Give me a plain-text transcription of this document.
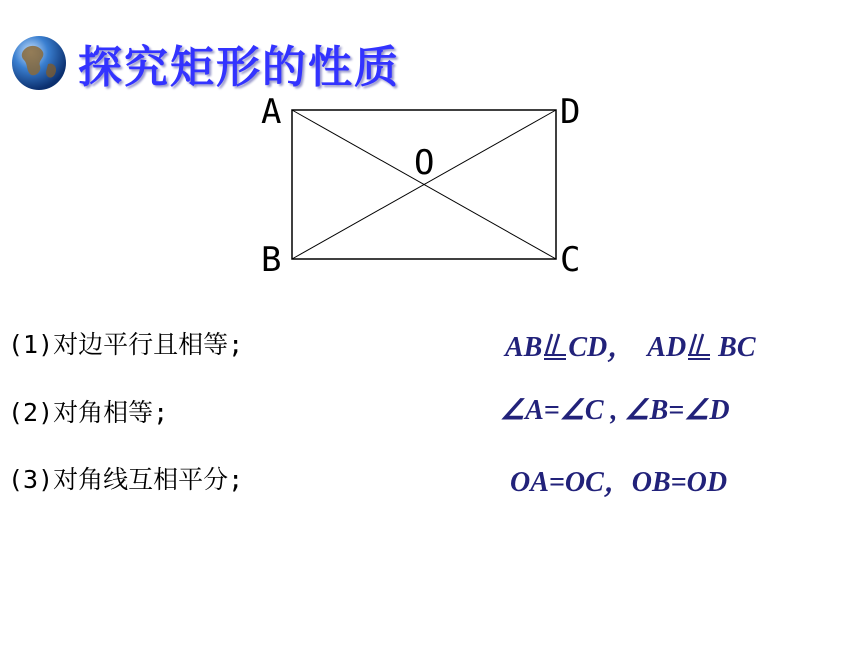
探究矩形的性质
A	D
B	C
O
(1)对边平行且相等;
(2)对角相等;
(3)对角线互相平分;
AB CD， AD BC
∠A=∠C , ∠B=∠D
OA=OC，OB=OD
